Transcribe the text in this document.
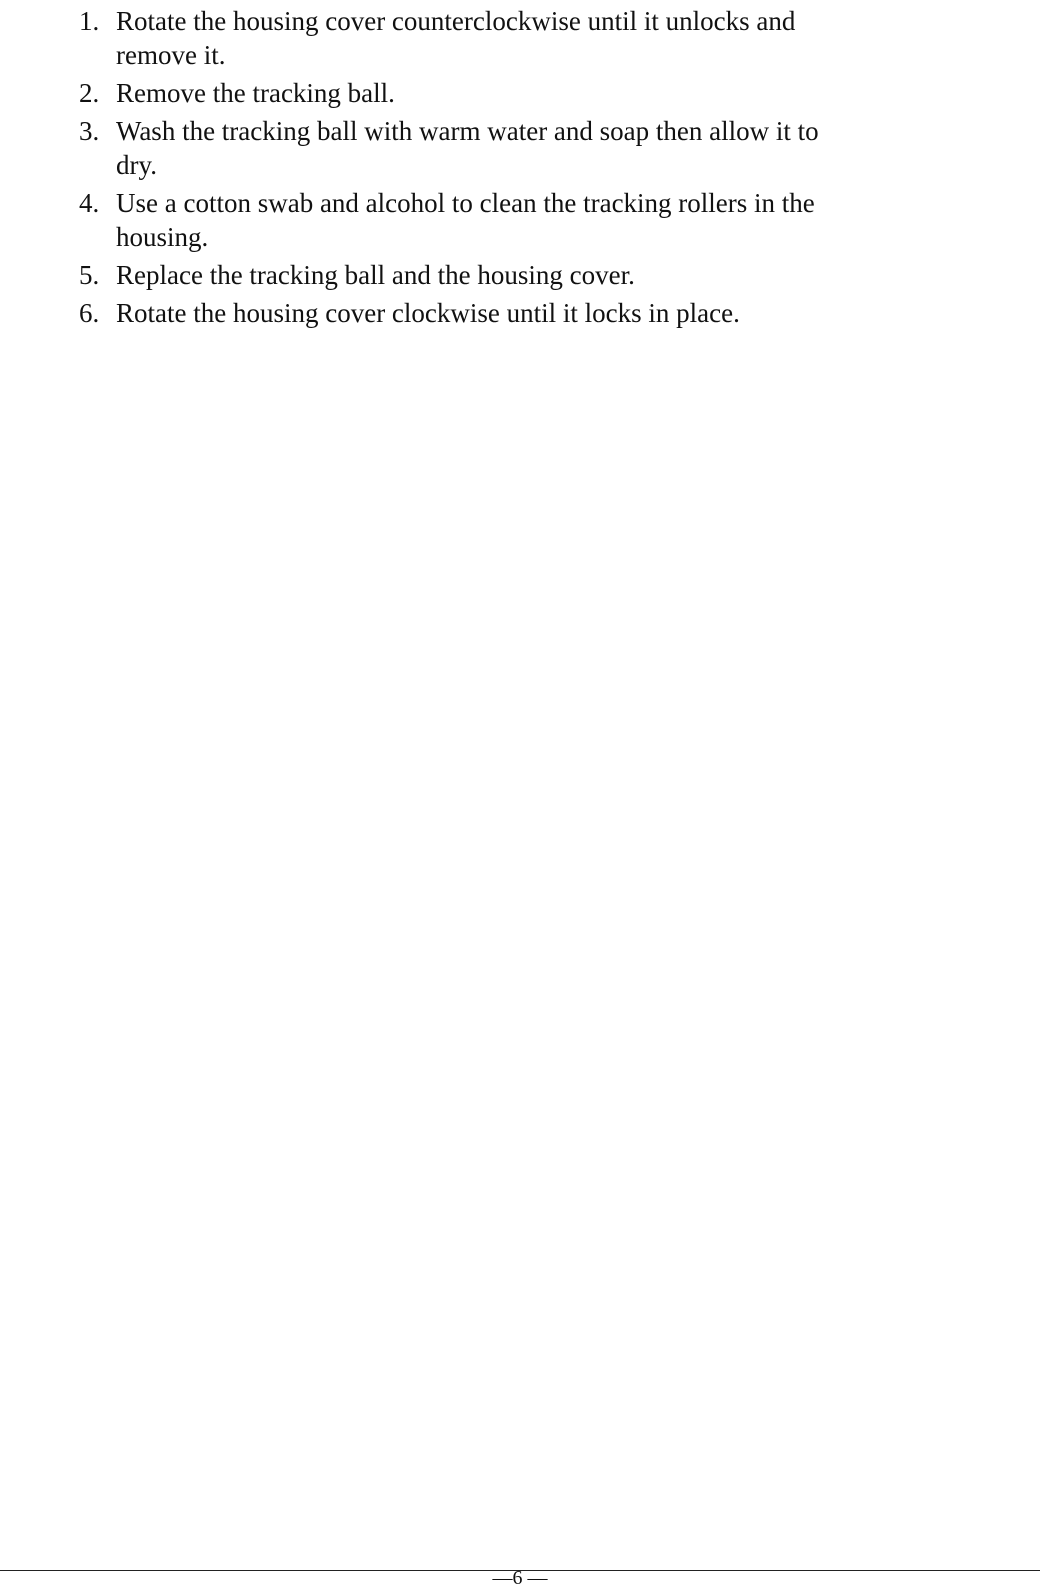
1. Rotate the housing cover counterclockwise until it unlocks and remove it.
2. Remove the tracking ball.
3. Wash the tracking ball with warm water and soap then allow it to dry.
4. Use a cotton swab and alcohol to clean the tracking rollers in the housing.
5. Replace the tracking ball and the housing cover.
6. Rotate the housing cover clockwise until it locks in place.
—6 —
